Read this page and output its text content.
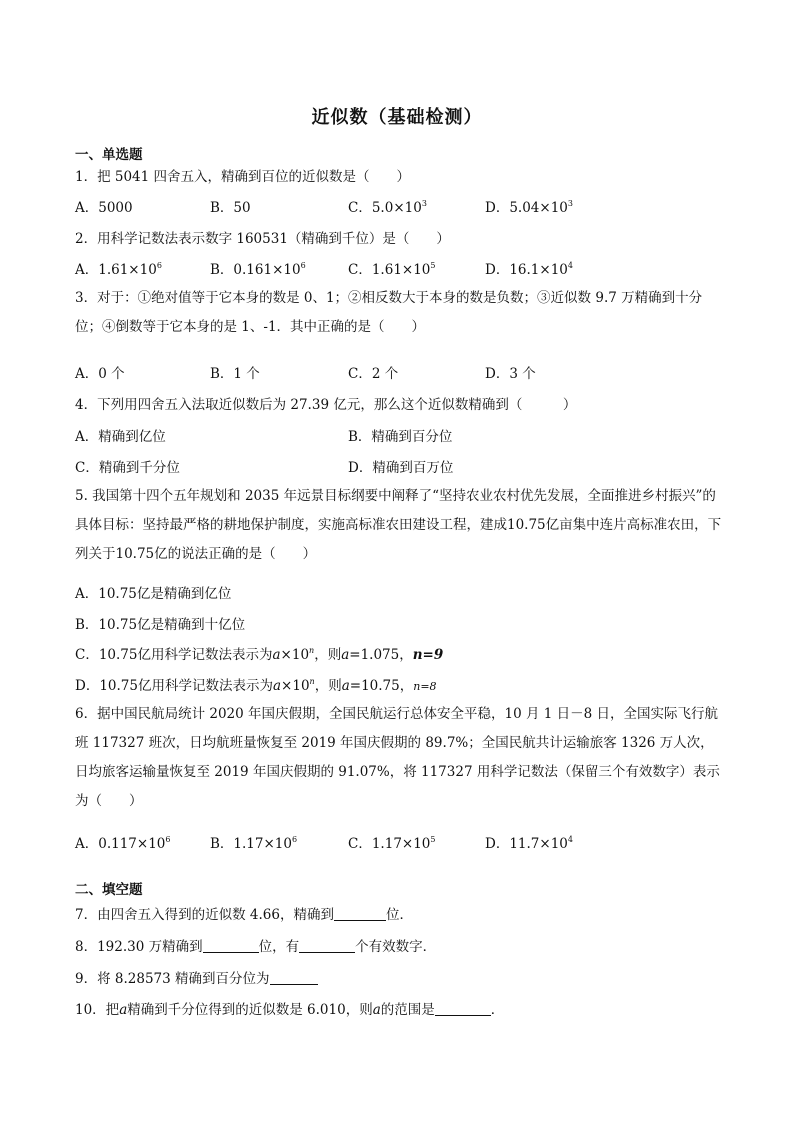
近似数（基础检测）
一、单选题
1．把 5041 四舍五入，精确到百位的近似数是（　　）
A．5000	B．50	C．$5.0\times 10^3$	D．$5.04\times 10^3$
2．用科学记数法表示数字 160531（精确到千位）是（　　）
A．$1.61\times 10^6$	B．$0.161\times 10^6$	C．$1.61\times 10^5$	D．$16.1\times 10^4$
3．对于：①绝对值等于它本身的数是 0、1；②相反数大于本身的数是负数；③近似数 9.7 万精确到十分位；④倒数等于它本身的是 1、-1．其中正确的是（　　）
A．0 个	B．1 个	C．2 个	D．3 个
4．下列用四舍五入法取近似数后为 27.39 亿元，那么这个近似数精确到（　　　）
A．精确到亿位	B．精确到百分位
C．精确到千分位	D．精确到百万位
5. 我国第十四个五年规划和 2035 年远景目标纲要中阐释了“坚持农业农村优先发展，全面推进乡村振兴”的具体目标：坚持最严格的耕地保护制度，实施高标准农田建设工程，建成10.75亿亩集中连片高标准农田，下列关于10.75亿的说法正确的是（　　）
A．10.75亿是精确到亿位
B．10.75亿是精确到十亿位
C．10.75亿用科学记数法表示为$a\times 10^n$，则a=1.075，n=9
D．10.75亿用科学记数法表示为$a\times 10^n$，则a=10.75，n=8
6．据中国民航局统计 2020 年国庆假期，全国民航运行总体安全平稳，10 月 1 日－8 日，全国实际飞行航班 117327 班次，日均航班量恢复至 2019 年国庆假期的 89.7%；全国民航共计运输旅客 1326 万人次，日均旅客运输量恢复至 2019 年国庆假期的 91.07%，将 117327 用科学记数法（保留三个有效数字）表示为（　　）
A．$0.117\times 10^6$	B．$1.17\times 10^6$	C．$1.17\times 10^5$	D．$11.7\times 10^4$
二、填空题
7．由四舍五入得到的近似数 4.66，精确到	位．
8．192.30 万精确到	位，有	个有效数字．
9．将 8.28573 精确到百分位为
10．把a精确到千分位得到的近似数是 6.010，则a的范围是	．
